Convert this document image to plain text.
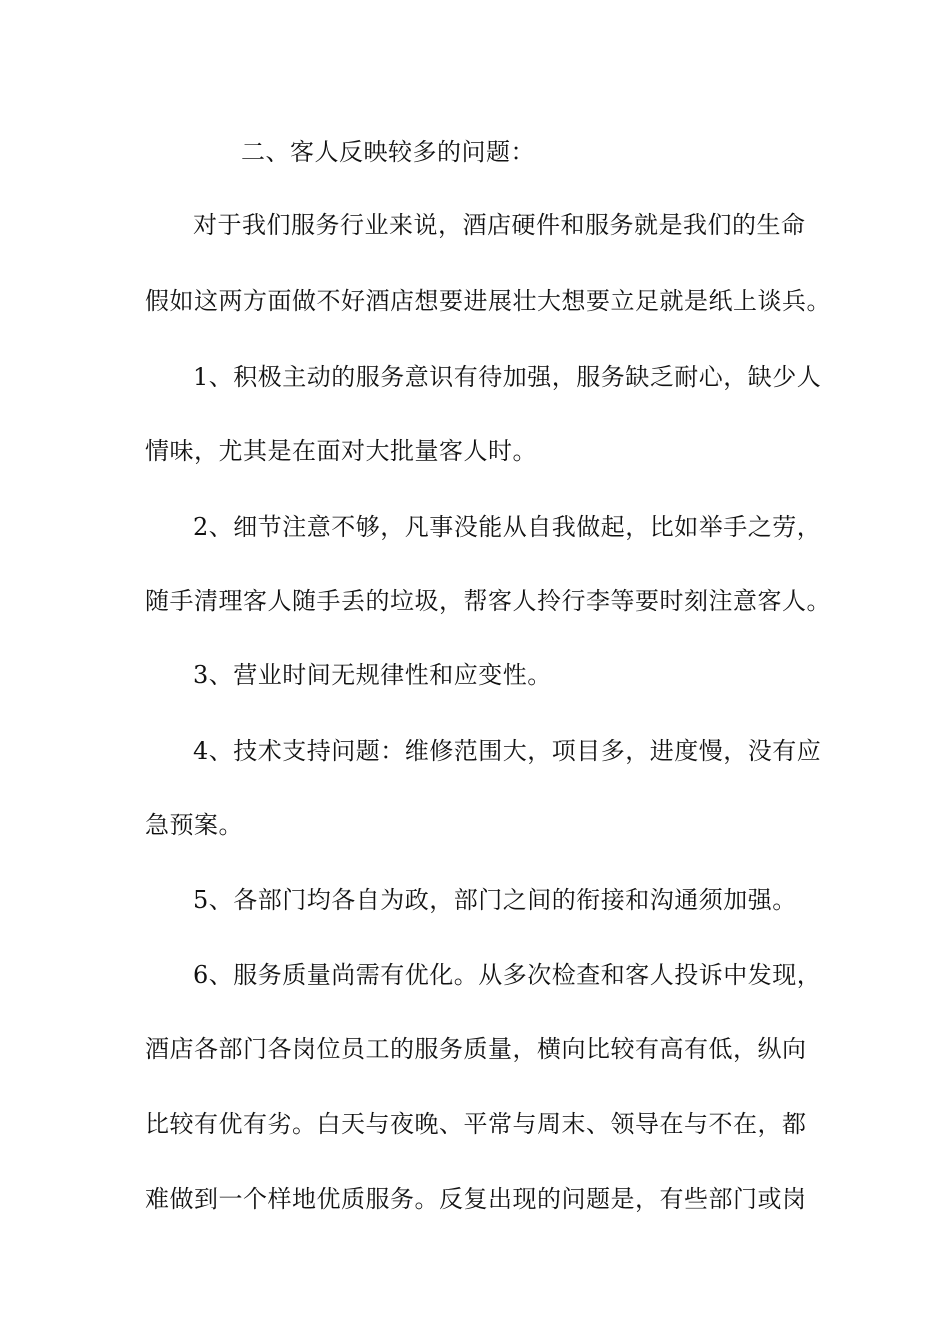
二、客人反映较多的问题：
对于我们服务行业来说，酒店硬件和服务就是我们的生命
假如这两方面做不好酒店想要进展壮大想要立足就是纸上谈兵。
1、积极主动的服务意识有待加强，服务缺乏耐心，缺少人
情味，尤其是在面对大批量客人时。
2、细节注意不够，凡事没能从自我做起，比如举手之劳，
随手清理客人随手丢的垃圾，帮客人拎行李等要时刻注意客人。
3、营业时间无规律性和应变性。
4、技术支持问题：维修范围大，项目多，进度慢，没有应
急预案。
5、各部门均各自为政，部门之间的衔接和沟通须加强。
6、服务质量尚需有优化。从多次检查和客人投诉中发现，
酒店各部门各岗位员工的服务质量，横向比较有高有低，纵向
比较有优有劣。白天与夜晚、平常与周末、领导在与不在，都
难做到一个样地优质服务。反复出现的问题是，有些部门或岗
